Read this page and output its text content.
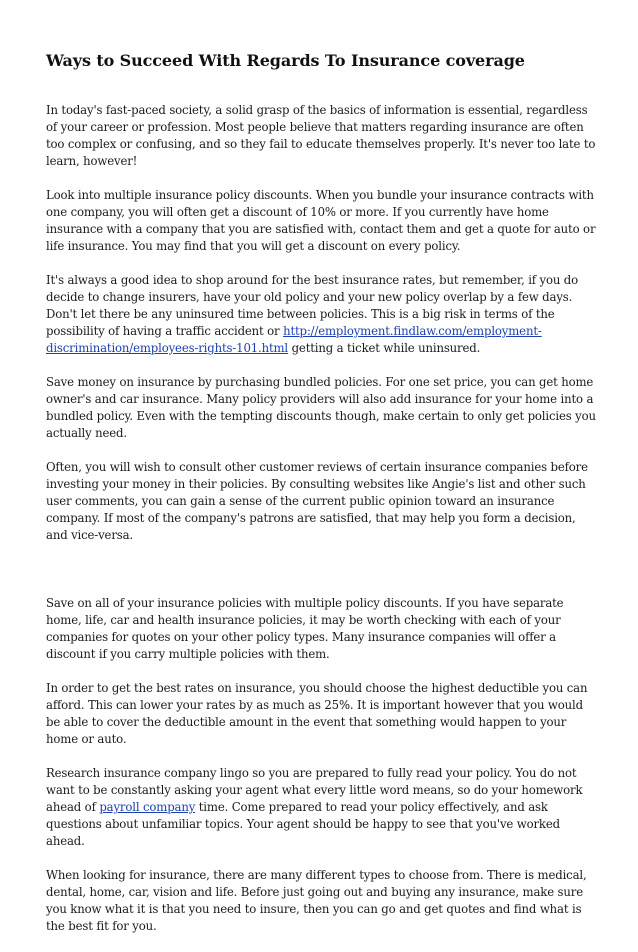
Ways to Succeed With Regards To Insurance coverage

In today's fast-paced society, a solid grasp of the basics of information is essential, regardless of your career or profession. Most people believe that matters regarding insurance are often too complex or confusing, and so they fail to educate themselves properly. It's never too late to learn, however!

Look into multiple insurance policy discounts. When you bundle your insurance contracts with one company, you will often get a discount of 10% or more. If you currently have home insurance with a company that you are satisfied with, contact them and get a quote for auto or life insurance. You may find that you will get a discount on every policy.

It's always a good idea to shop around for the best insurance rates, but remember, if you do decide to change insurers, have your old policy and your new policy overlap by a few days. Don't let there be any uninsured time between policies. This is a big risk in terms of the possibility of having a traffic accident or http://employment.findlaw.com/employment-discrimination/employees-rights-101.html getting a ticket while uninsured.

Save money on insurance by purchasing bundled policies. For one set price, you can get home owner's and car insurance. Many policy providers will also add insurance for your home into a bundled policy. Even with the tempting discounts though, make certain to only get policies you actually need.

Often, you will wish to consult other customer reviews of certain insurance companies before investing your money in their policies. By consulting websites like Angie's list and other such user comments, you can gain a sense of the current public opinion toward an insurance company. If most of the company's patrons are satisfied, that may help you form a decision, and vice-versa.

Save on all of your insurance policies with multiple policy discounts. If you have separate home, life, car and health insurance policies, it may be worth checking with each of your companies for quotes on your other policy types. Many insurance companies will offer a discount if you carry multiple policies with them.

In order to get the best rates on insurance, you should choose the highest deductible you can afford. This can lower your rates by as much as 25%. It is important however that you would be able to cover the deductible amount in the event that something would happen to your home or auto.

Research insurance company lingo so you are prepared to fully read your policy. You do not want to be constantly asking your agent what every little word means, so do your homework ahead of payroll company time. Come prepared to read your policy effectively, and ask questions about unfamiliar topics. Your agent should be happy to see that you've worked ahead.

When looking for insurance, there are many different types to choose from. There is medical, dental, home, car, vision and life. Before just going out and buying any insurance, make sure you know what it is that you need to insure, then you can go and get quotes and find what is the best fit for you.
